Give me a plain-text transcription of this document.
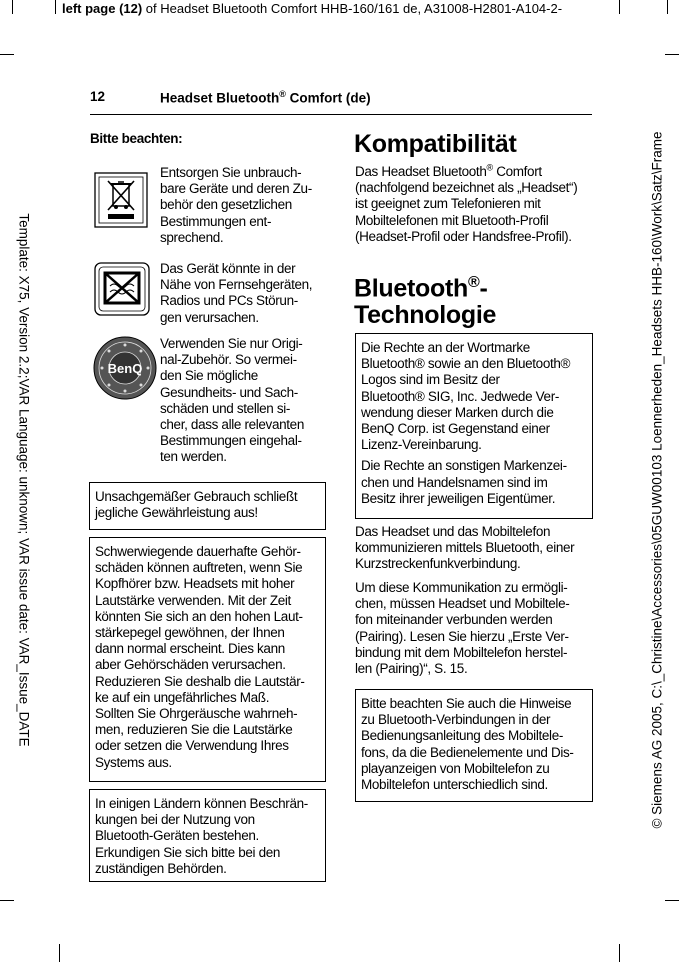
left page (12) of Headset Bluetooth Comfort HHB-160/161 de, A31008-H2801-A104-2-
Template: X75, Version 2.2;VAR Language: unknown; VAR issue date: VAR_Issue_DATE	© Siemens AG 2005, C:\_Christine\Accessories\05GUW00103 Loennerheden_Headsets HHB-160\Work\Satz\Frame
12	Headset Bluetooth® Comfort (de)
Bitte beachten:

Entsorgen Sie unbrauch-
bare Geräte und deren Zu-
behör den gesetzlichen
Bestimmungen ent-
sprechend.

Das Gerät könnte in der
Nähe von Fernsehgeräten,
Radios und PCs Störun-
gen verursachen.

BenQ

Verwenden Sie nur Origi-
nal-Zubehör. So vermei-
den Sie mögliche
Gesundheits- und Sach-
schäden und stellen si-
cher, dass alle relevanten
Bestimmungen eingehal-
ten werden.

Unsachgemäßer Gebrauch schließt
jegliche Gewährleistung aus!

Schwerwiegende dauerhafte Gehör-
schäden können auftreten, wenn Sie
Kopfhörer bzw. Headsets mit hoher
Lautstärke verwenden. Mit der Zeit
könnten Sie sich an den hohen Laut-
stärkepegel gewöhnen, der Ihnen
dann normal erscheint. Dies kann
aber Gehörschäden verursachen.
Reduzieren Sie deshalb die Lautstär-
ke auf ein ungefährliches Maß.
Sollten Sie Ohrgeräusche wahrneh-
men, reduzieren Sie die Lautstärke
oder setzen die Verwendung Ihres
Systems aus.

In einigen Ländern können Beschrän-
kungen bei der Nutzung von
Bluetooth-Geräten bestehen.
Erkundigen Sie sich bitte bei den
zuständigen Behörden.

Kompatibilität

Das Headset Bluetooth® Comfort
(nachfolgend bezeichnet als „Headset“)
ist geeignet zum Telefonieren mit
Mobiltelefonen mit Bluetooth-Profil
(Headset-Profil oder Handsfree-Profil).

Bluetooth®-
Technologie

Die Rechte an der Wortmarke
Bluetooth® sowie an den Bluetooth®
Logos sind im Besitz der
Bluetooth® SIG, Inc. Jedwede Ver-
wendung dieser Marken durch die
BenQ Corp. ist Gegenstand einer
Lizenz-Vereinbarung.

Die Rechte an sonstigen Markenzei-
chen und Handelsnamen sind im
Besitz ihrer jeweiligen Eigentümer.

Das Headset und das Mobiltelefon
kommunizieren mittels Bluetooth, einer
Kurzstreckenfunkverbindung.

Um diese Kommunikation zu ermögli-
chen, müssen Headset und Mobiltele-
fon miteinander verbunden werden
(Pairing). Lesen Sie hierzu „Erste Ver-
bindung mit dem Mobiltelefon herstel-
len (Pairing)“, S. 15.

Bitte beachten Sie auch die Hinweise
zu Bluetooth-Verbindungen in der
Bedienungsanleitung des Mobiltele-
fons, da die Bedienelemente und Dis-
playanzeigen von Mobiltelefon zu
Mobiltelefon unterschiedlich sind.
